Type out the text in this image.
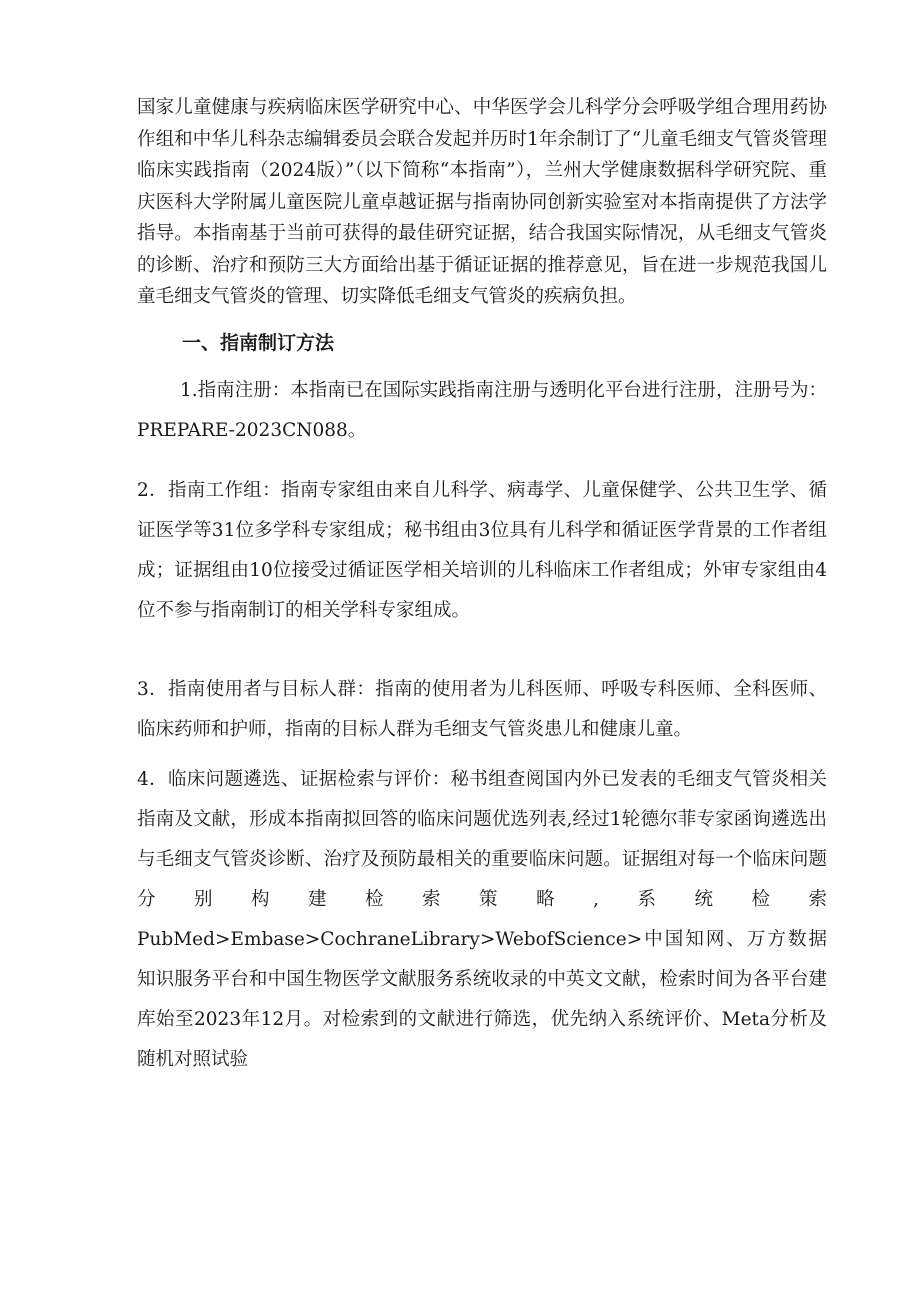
国家儿童健康与疾病临床医学研究中心、中华医学会儿科学分会呼吸学组合理用药协作组和中华儿科杂志编辑委员会联合发起并历时1年余制订了“儿童毛细支气管炎管理临床实践指南（2024版）”（以下简称“本指南”），兰州大学健康数据科学研究院、重庆医科大学附属儿童医院儿童卓越证据与指南协同创新实验室对本指南提供了方法学指导。本指南基于当前可获得的最佳研究证据，结合我国实际情况，从毛细支气管炎的诊断、治疗和预防三大方面给出基于循证证据的推荐意见，旨在进一步规范我国儿童毛细支气管炎的管理、切实降低毛细支气管炎的疾病负担。

一、指南制订方法

1.指南注册：本指南已在国际实践指南注册与透明化平台进行注册，注册号为：PREPARE-2023CN088。

2．指南工作组：指南专家组由来自儿科学、病毒学、儿童保健学、公共卫生学、循证医学等31位多学科专家组成；秘书组由3位具有儿科学和循证医学背景的工作者组成；证据组由10位接受过循证医学相关培训的儿科临床工作者组成；外审专家组由4位不参与指南制订的相关学科专家组成。

3．指南使用者与目标人群：指南的使用者为儿科医师、呼吸专科医师、全科医师、临床药师和护师，指南的目标人群为毛细支气管炎患儿和健康儿童。

4．临床问题遴选、证据检索与评价：秘书组查阅国内外已发表的毛细支气管炎相关指南及文献，形成本指南拟回答的临床问题优选列表,经过1轮德尔菲专家函询遴选出与毛细支气管炎诊断、治疗及预防最相关的重要临床问题。证据组对每一个临床问题分别构建检索策略,系统检索 PubMed>Embase>CochraneLibrary>WebofScience>中国知网、万方数据知识服务平台和中国生物医学文献服务系统收录的中英文文献，检索时间为各平台建库始至2023年12月。对检索到的文献进行筛选，优先纳入系统评价、Meta分析及随机对照试验
